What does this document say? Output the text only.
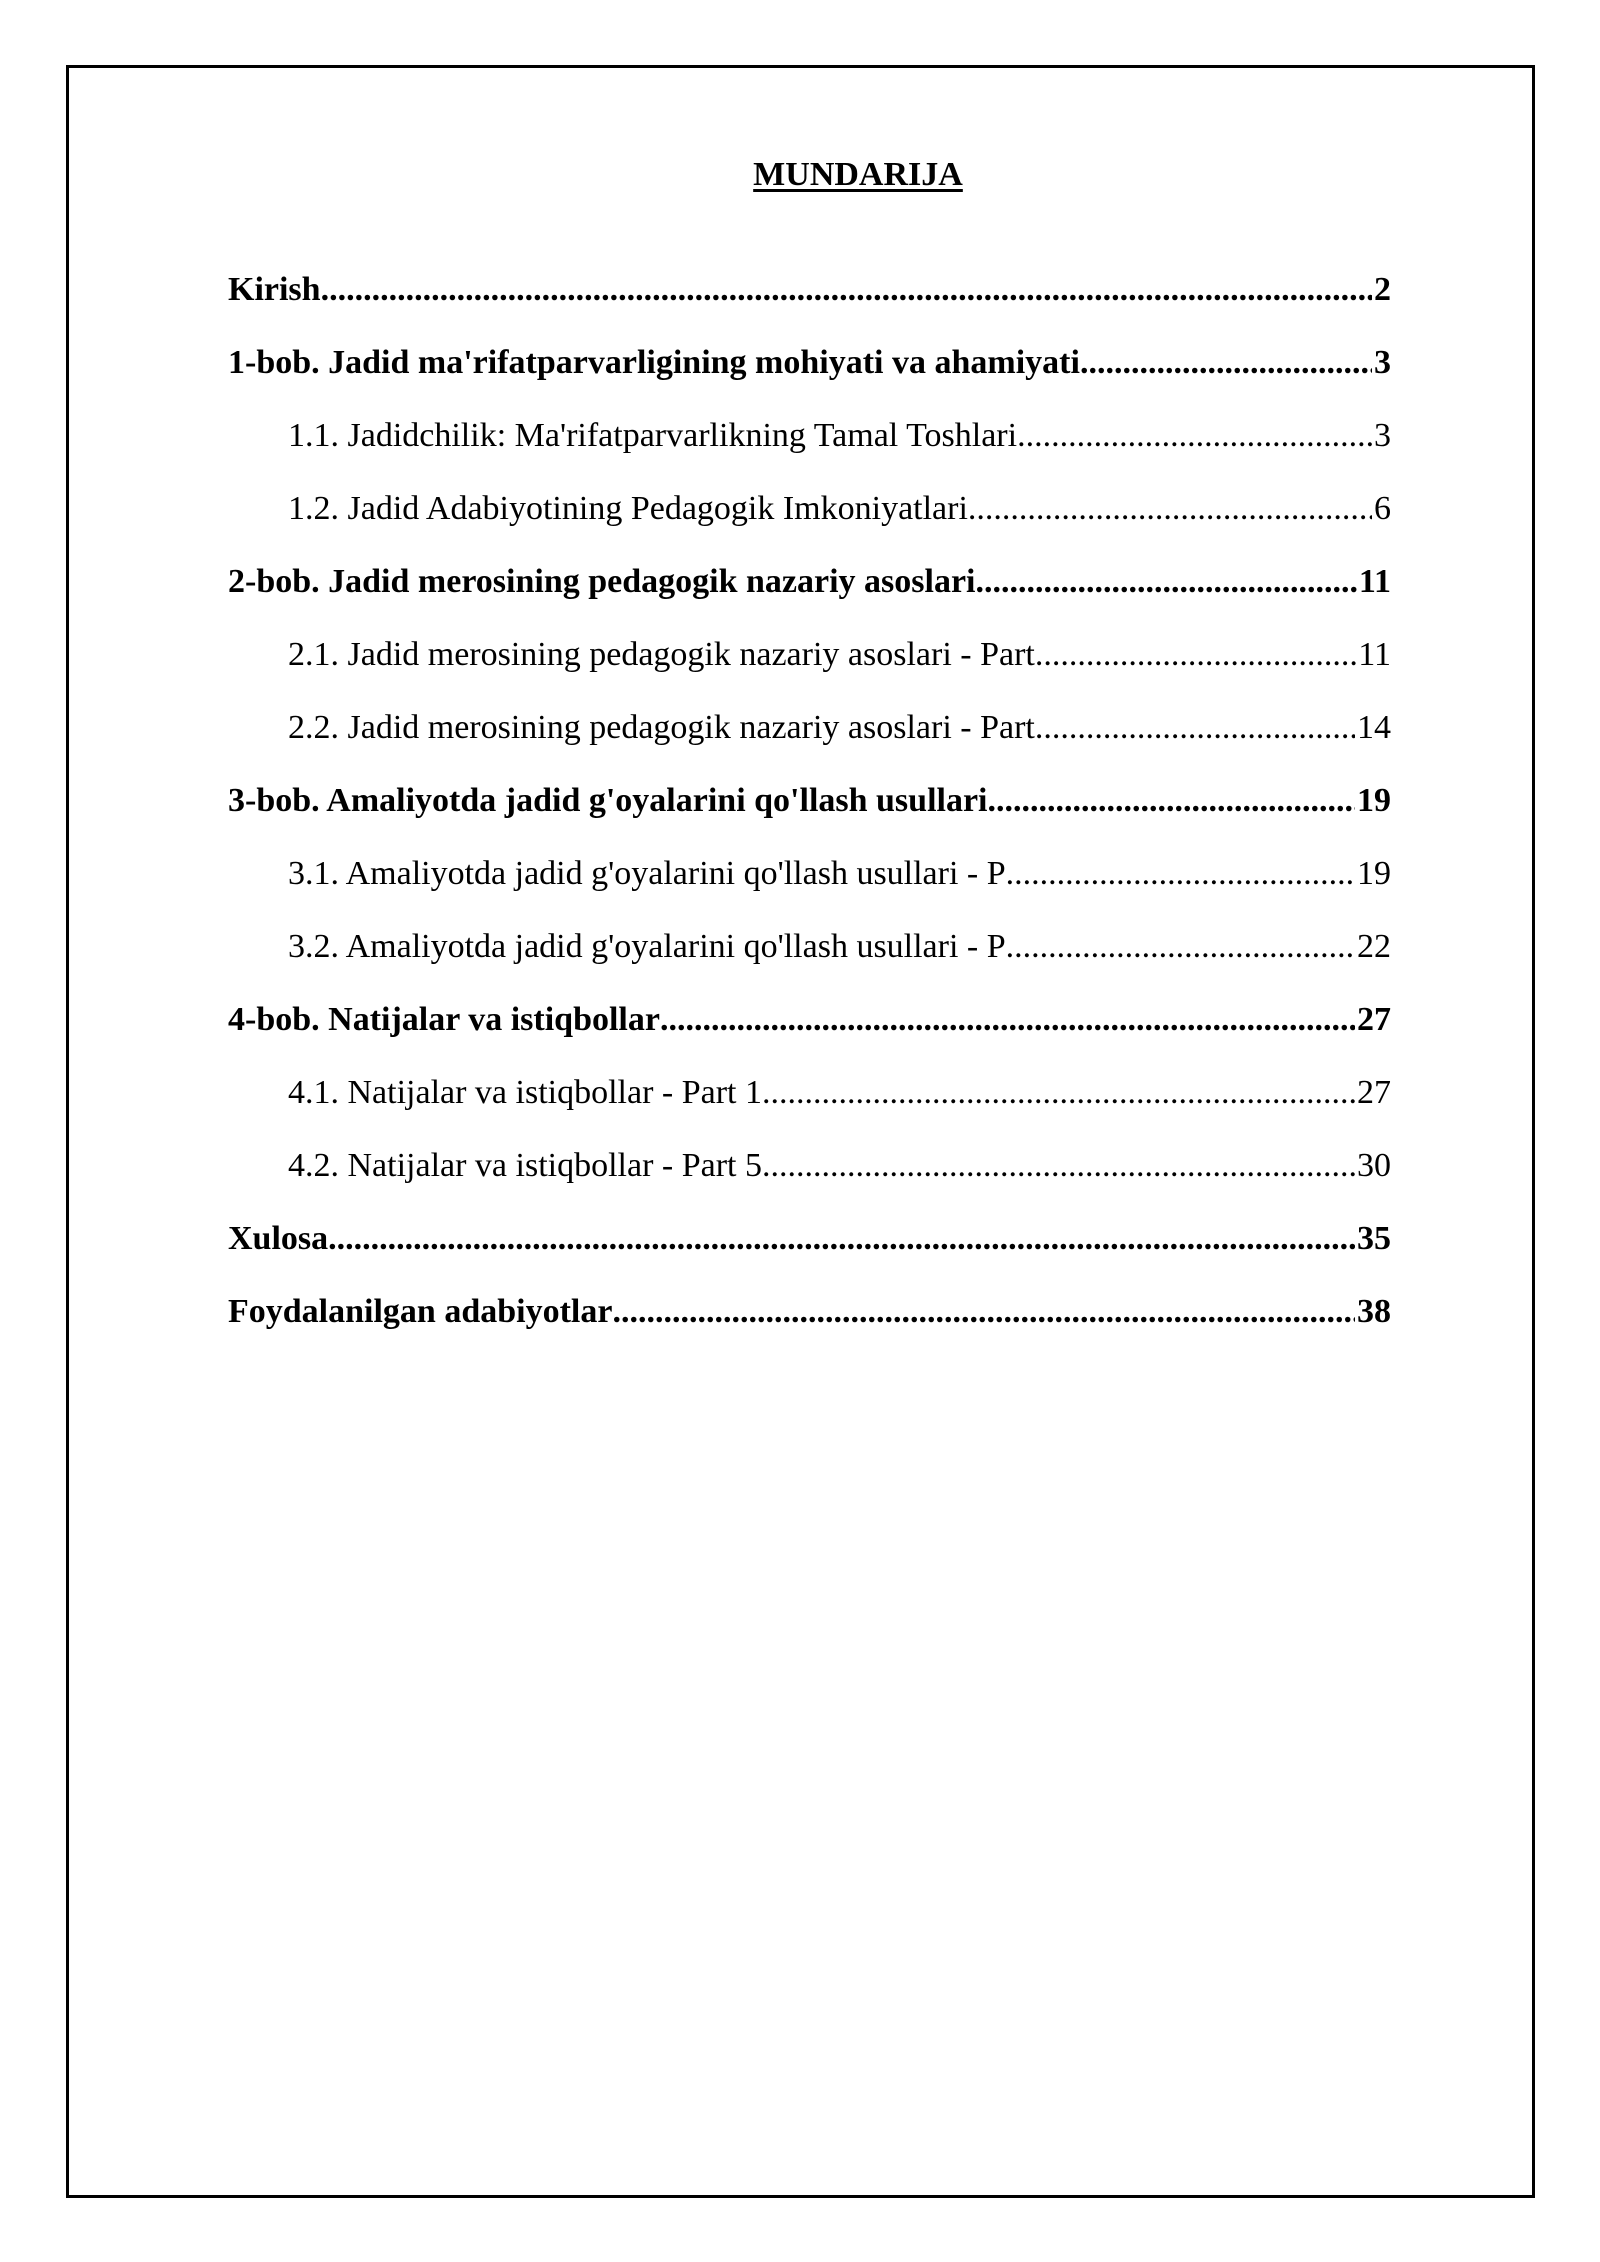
MUNDARIJA
Kirish .....	2
1-bob. Jadid ma'rifatparvarligining mohiyati va ahamiyati .....	3
1.1. Jadidchilik: Ma'rifatparvarlikning Tamal Toshlari .....	3
1.2. Jadid Adabiyotining Pedagogik Imkoniyatlari .....	6
2-bob. Jadid merosining pedagogik nazariy asoslari .....	11
2.1. Jadid merosining pedagogik nazariy asoslari - Part .....	11
2.2. Jadid merosining pedagogik nazariy asoslari - Part .....	14
3-bob. Amaliyotda jadid g'oyalarini qo'llash usullari .....	19
3.1. Amaliyotda jadid g'oyalarini qo'llash usullari - P .....	19
3.2. Amaliyotda jadid g'oyalarini qo'llash usullari - P .....	22
4-bob. Natijalar va istiqbollar .....	27
4.1. Natijalar va istiqbollar - Part 1 .....	27
4.2. Natijalar va istiqbollar - Part 5 .....	30
Xulosa .....	35
Foydalanilgan adabiyotlar .....	38
